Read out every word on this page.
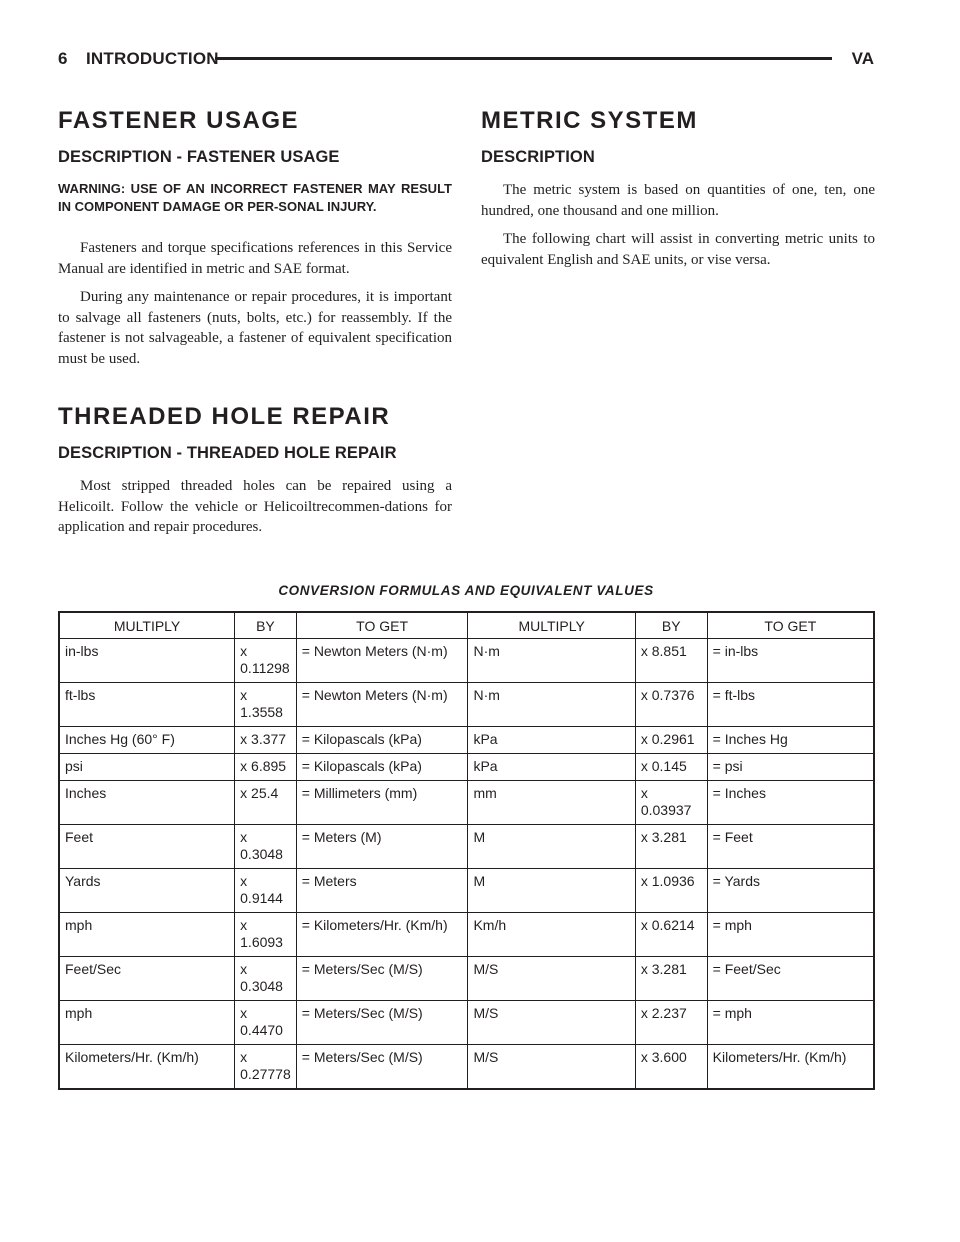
6 INTRODUCTION	VA
FASTENER USAGE
DESCRIPTION - FASTENER USAGE
WARNING: USE OF AN INCORRECT FASTENER MAY RESULT IN COMPONENT DAMAGE OR PER-SONAL INJURY.

Fasteners and torque specifications references in this Service Manual are identified in metric and SAE format.

During any maintenance or repair procedures, it is important to salvage all fasteners (nuts, bolts, etc.) for reassembly. If the fastener is not salvageable, a fastener of equivalent specification must be used.

THREADED HOLE REPAIR
DESCRIPTION - THREADED HOLE REPAIR

Most stripped threaded holes can be repaired using a Helicoilt. Follow the vehicle or Helicoiltrecommen-dations for application and repair procedures.

METRIC SYSTEM
DESCRIPTION

The metric system is based on quantities of one, ten, one hundred, one thousand and one million.

The following chart will assist in converting metric units to equivalent English and SAE units, or vise versa.

CONVERSION FORMULAS AND EQUIVALENT VALUES
MULTIPLY	BY	TO GET	MULTIPLY	BY	TO GET
in-lbs	x 0.11298	= Newton Meters (N·m)	N·m	x 8.851	= in-lbs
ft-lbs	x 1.3558	= Newton Meters (N·m)	N·m	x 0.7376	= ft-lbs
Inches Hg (60° F)	x 3.377	= Kilopascals (kPa)	kPa	x 0.2961	= Inches Hg
psi	x 6.895	= Kilopascals (kPa)	kPa	x 0.145	= psi
Inches	x 25.4	= Millimeters (mm)	mm	x 0.03937	= Inches
Feet	x 0.3048	= Meters (M)	M	x 3.281	= Feet
Yards	x 0.9144	= Meters	M	x 1.0936	= Yards
mph	x 1.6093	= Kilometers/Hr. (Km/h)	Km/h	x 0.6214	= mph
Feet/Sec	x 0.3048	= Meters/Sec (M/S)	M/S	x 3.281	= Feet/Sec
mph	x 0.4470	= Meters/Sec (M/S)	M/S	x 2.237	= mph
Kilometers/Hr. (Km/h)	x 0.27778	= Meters/Sec (M/S)	M/S	x 3.600	Kilometers/Hr. (Km/h)
